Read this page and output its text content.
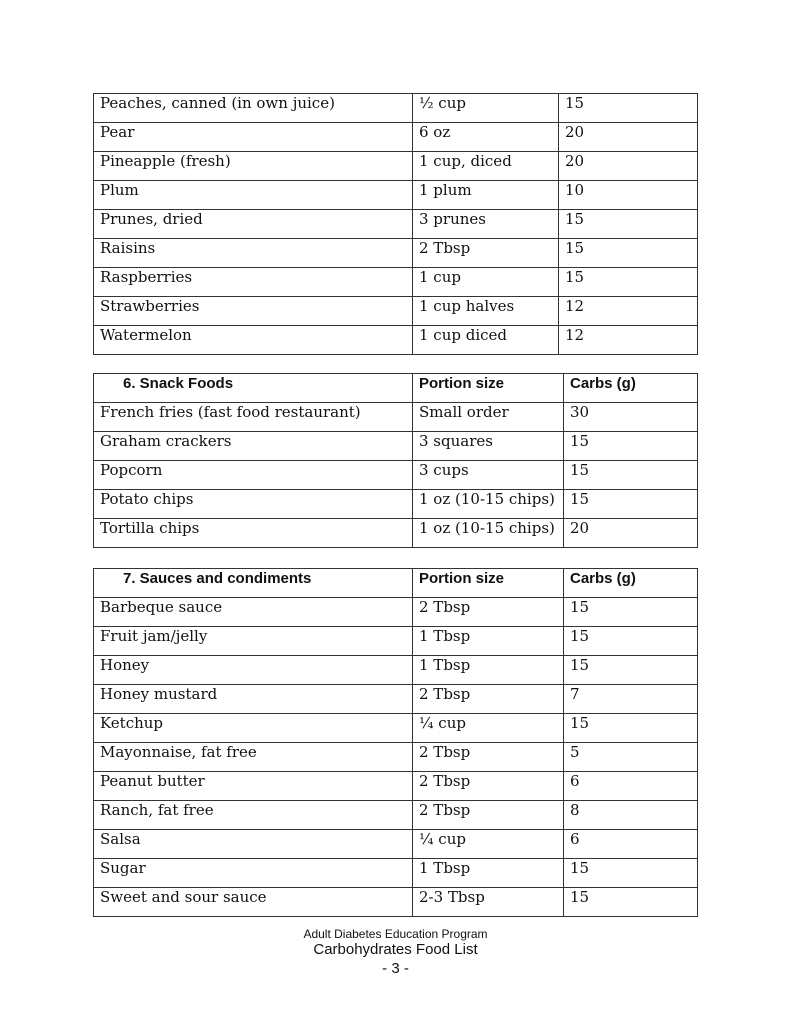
Peaches, canned (in own juice)	½ cup	15
Pear	6 oz	20
Pineapple (fresh)	1 cup, diced	20
Plum	1 plum	10
Prunes, dried	3 prunes	15
Raisins	2 Tbsp	15
Raspberries	1 cup	15
Strawberries	1 cup halves	12
Watermelon	1 cup diced	12
6. Snack Foods	Portion size	Carbs (g)
French fries (fast food restaurant)	Small order	30
Graham crackers	3 squares	15
Popcorn	3 cups	15
Potato chips	1 oz (10-15 chips)	15
Tortilla chips	1 oz (10-15 chips)	20
7. Sauces and condiments	Portion size	Carbs (g)
Barbeque sauce	2 Tbsp	15
Fruit jam/jelly	1 Tbsp	15
Honey	1 Tbsp	15
Honey mustard	2 Tbsp	7
Ketchup	¼ cup	15
Mayonnaise, fat free	2 Tbsp	5
Peanut butter	2 Tbsp	6
Ranch, fat free	2 Tbsp	8
Salsa	¼ cup	6
Sugar	1 Tbsp	15
Sweet and sour sauce	2-3 Tbsp	15
Adult Diabetes Education Program
Carbohydrates Food List
- 3 -
